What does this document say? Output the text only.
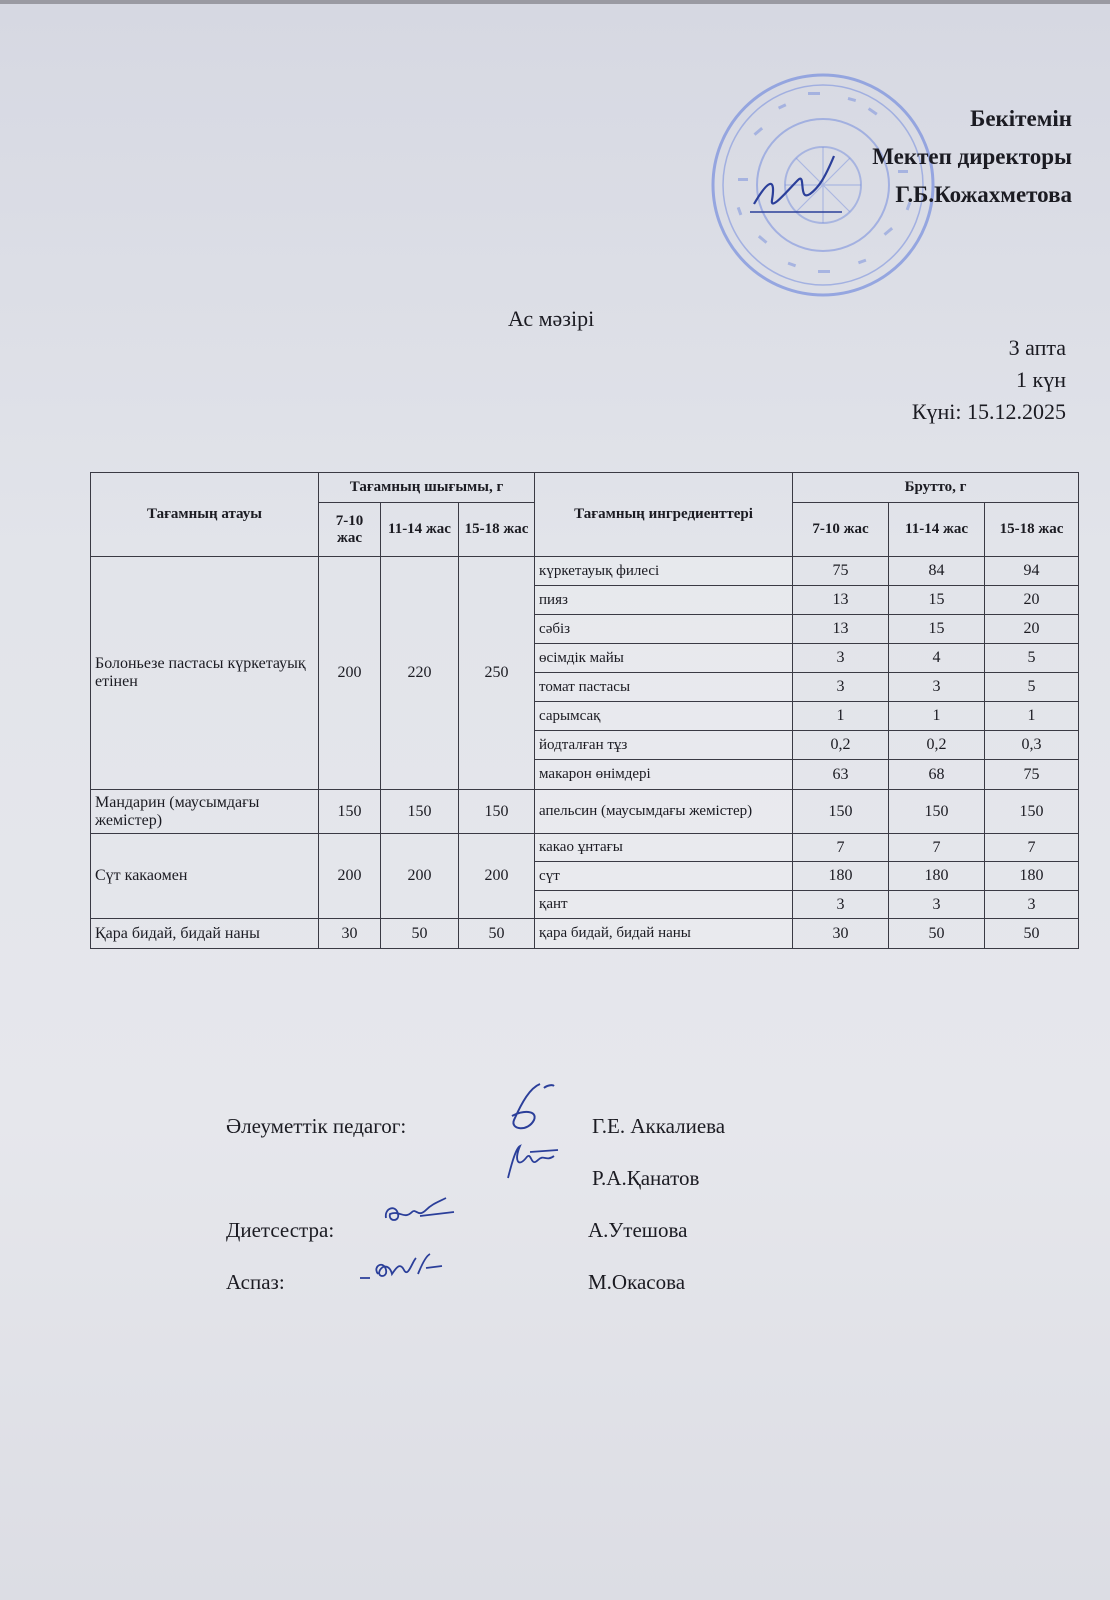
Бекітемін
Мектеп директоры
Г.Б.Кожахметова
Ас мәзірі
3 апта
1 күн
Күні: 15.12.2025
Тағамның атауы	Тағамның шығымы, г			Тағамның ингредиенттері	Брутто, г		
	7-10 жас	11-14 жас	15-18 жас		7-10 жас	11-14 жас	15-18 жас
Болоньезе пастасы күркетауық етінен	200	220	250	күркетауық филесі	75	84	94
				пияз	13	15	20
				сәбіз	13	15	20
				өсімдік майы	3	4	5
				томат пастасы	3	3	5
				сарымсақ	1	1	1
				йодталған тұз	0,2	0,2	0,3
				макарон өнімдері	63	68	75
Мандарин (маусымдағы жемістер)	150	150	150	апельсин (маусымдағы жемістер)	150	150	150
Сүт какаомен	200	200	200	какао ұнтағы	7	7	7
				сүт	180	180	180
				қант	3	3	3
Қара бидай, бидай наны	30	50	50	қара бидай, бидай наны	30	50	50
Әлеуметтік педагог:	Г.Е. Аккалиева
Р.А.Қанатов
Диетсестра:	А.Утешова
Аспаз:	М.Окасова
